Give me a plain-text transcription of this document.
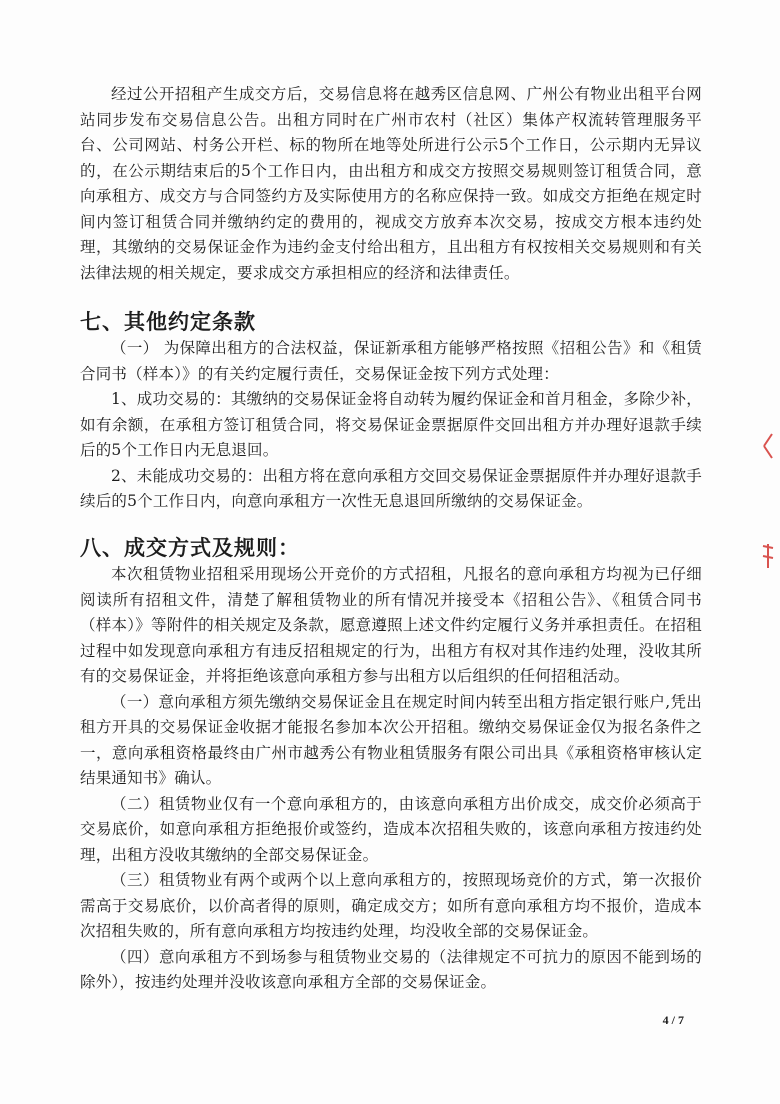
经过公开招租产生成交方后，交易信息将在越秀区信息网、广州公有物业出租平台网站同步发布交易信息公告。出租方同时在广州市农村（社区）集体产权流转管理服务平台、公司网站、村务公开栏、标的物所在地等处所进行公示5个工作日，公示期内无异议的，在公示期结束后的5个工作日内，由出租方和成交方按照交易规则签订租赁合同，意向承租方、成交方与合同签约方及实际使用方的名称应保持一致。如成交方拒绝在规定时间内签订租赁合同并缴纳约定的费用的，视成交方放弃本次交易，按成交方根本违约处理，其缴纳的交易保证金作为违约金支付给出租方，且出租方有权按相关交易规则和有关法律法规的相关规定，要求成交方承担相应的经济和法律责任。

七、其他约定条款

（一） 为保障出租方的合法权益，保证新承租方能够严格按照《招租公告》和《租赁合同书（样本）》的有关约定履行责任，交易保证金按下列方式处理：

1、成功交易的：其缴纳的交易保证金将自动转为履约保证金和首月租金，多除少补，如有余额，在承租方签订租赁合同，将交易保证金票据原件交回出租方并办理好退款手续后的5个工作日内无息退回。

2、未能成功交易的：出租方将在意向承租方交回交易保证金票据原件并办理好退款手续后的5个工作日内，向意向承租方一次性无息退回所缴纳的交易保证金。

八、成交方式及规则：

本次租赁物业招租采用现场公开竞价的方式招租，凡报名的意向承租方均视为已仔细阅读所有招租文件，清楚了解租赁物业的所有情况并接受本《招租公告》、《租赁合同书（样本）》等附件的相关规定及条款，愿意遵照上述文件约定履行义务并承担责任。在招租过程中如发现意向承租方有违反招租规定的行为，出租方有权对其作违约处理，没收其所有的交易保证金，并将拒绝该意向承租方参与出租方以后组织的任何招租活动。

（一）意向承租方须先缴纳交易保证金且在规定时间内转至出租方指定银行账户,凭出租方开具的交易保证金收据才能报名参加本次公开招租。缴纳交易保证金仅为报名条件之一，意向承租资格最终由广州市越秀公有物业租赁服务有限公司出具《承租资格审核认定结果通知书》确认。

（二）租赁物业仅有一个意向承租方的，由该意向承租方出价成交，成交价必须高于交易底价，如意向承租方拒绝报价或签约，造成本次招租失败的，该意向承租方按违约处理，出租方没收其缴纳的全部交易保证金。

（三）租赁物业有两个或两个以上意向承租方的，按照现场竞价的方式，第一次报价需高于交易底价，以价高者得的原则，确定成交方；如所有意向承租方均不报价，造成本次招租失败的，所有意向承租方均按违约处理，均没收全部的交易保证金。

（四）意向承租方不到场参与租赁物业交易的（法律规定不可抗力的原因不能到场的除外），按违约处理并没收该意向承租方全部的交易保证金。

4 / 7
